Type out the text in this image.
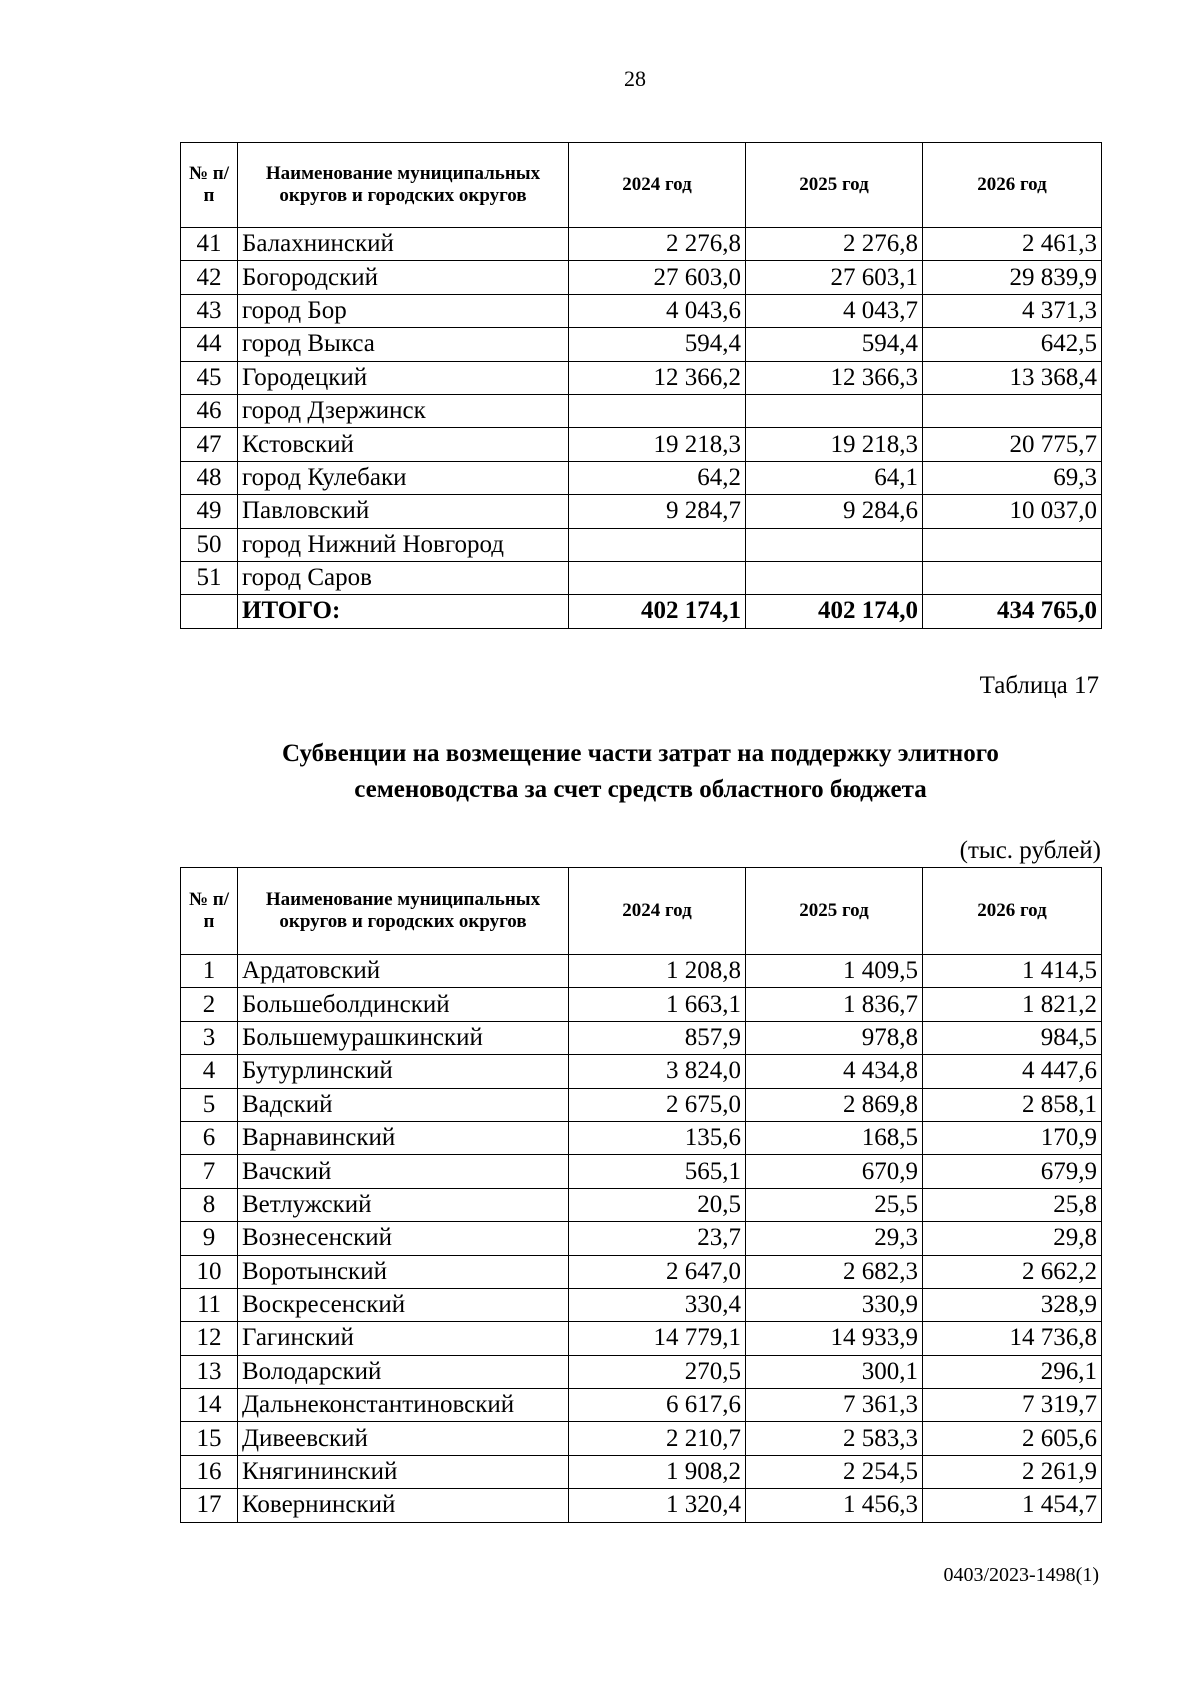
28
№ п/п	Наименование муниципальных округов и городских округов	2024 год	2025 год	2026 год
41	Балахнинский	2 276,8	2 276,8	2 461,3
42	Богородский	27 603,0	27 603,1	29 839,9
43	город Бор	4 043,6	4 043,7	4 371,3
44	город Выкса	594,4	594,4	642,5
45	Городецкий	12 366,2	12 366,3	13 368,4
46	город Дзержинск			
47	Кстовский	19 218,3	19 218,3	20 775,7
48	город Кулебаки	64,2	64,1	69,3
49	Павловский	9 284,7	9 284,6	10 037,0
50	город Нижний Новгород			
51	город Саров			
	ИТОГО:	402 174,1	402 174,0	434 765,0
Таблица 17
Субвенции на возмещение части затрат на поддержку элитного
семеноводства за счет средств областного бюджета
(тыс. рублей)
№ п/п	Наименование муниципальных округов и городских округов	2024 год	2025 год	2026 год
1	Ардатовский	1 208,8	1 409,5	1 414,5
2	Большеболдинский	1 663,1	1 836,7	1 821,2
3	Большемурашкинский	857,9	978,8	984,5
4	Бутурлинский	3 824,0	4 434,8	4 447,6
5	Вадский	2 675,0	2 869,8	2 858,1
6	Варнавинский	135,6	168,5	170,9
7	Вачский	565,1	670,9	679,9
8	Ветлужский	20,5	25,5	25,8
9	Вознесенский	23,7	29,3	29,8
10	Воротынский	2 647,0	2 682,3	2 662,2
11	Воскресенский	330,4	330,9	328,9
12	Гагинский	14 779,1	14 933,9	14 736,8
13	Володарский	270,5	300,1	296,1
14	Дальнеконстантиновский	6 617,6	7 361,3	7 319,7
15	Дивеевский	2 210,7	2 583,3	2 605,6
16	Княгининский	1 908,2	2 254,5	2 261,9
17	Ковернинский	1 320,4	1 456,3	1 454,7
0403/2023-1498(1)
